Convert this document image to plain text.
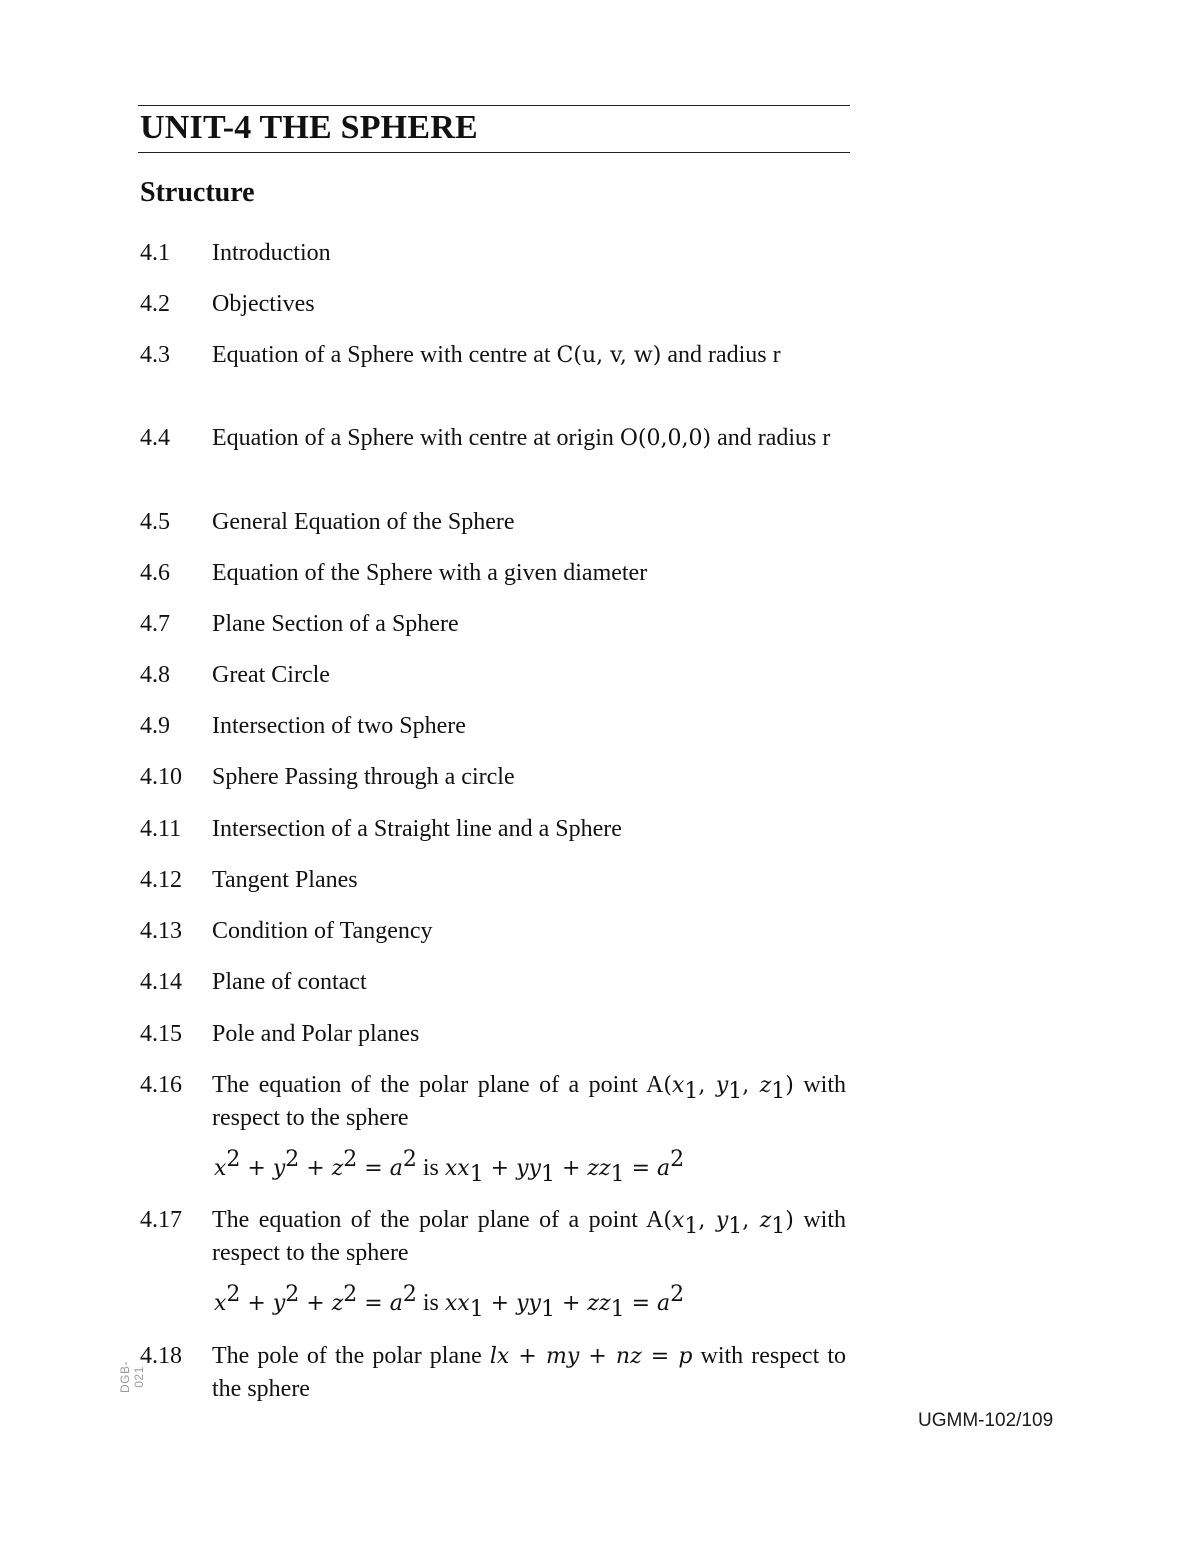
UNIT-4 THE SPHERE
Structure
4.1 Introduction
4.2 Objectives
4.3 Equation of a Sphere with centre at C(u, v, w) and radius r
4.4 Equation of a Sphere with centre at origin O(0,0,0) and radius r
4.5 General Equation of the Sphere
4.6 Equation of the Sphere with a given diameter
4.7 Plane Section of a Sphere
4.8 Great Circle
4.9 Intersection of two Sphere
4.10 Sphere Passing through a circle
4.11 Intersection of a Straight line and a Sphere
4.12 Tangent Planes
4.13 Condition of Tangency
4.14 Plane of contact
4.15 Pole and Polar planes
4.16 The equation of the polar plane of a point $A(x_1$, $y_1$, $z_1$) with respect to the sphere
$x^2 + y^2 + z^2 = a^2$ is $xx_1 + yy_1 + zz_1 = a^2$
4.17 The equation of the polar plane of a point $A(x_1$, $y_1$, $z_1$) with respect to the sphere
$x^2 + y^2 + z^2 = a^2$ is $xx_1 + yy_1 + zz_1 = a^2$
4.18 The pole of the polar plane lx + my + nz = p with respect to the sphere
DGB-021
UGMM-102/109
